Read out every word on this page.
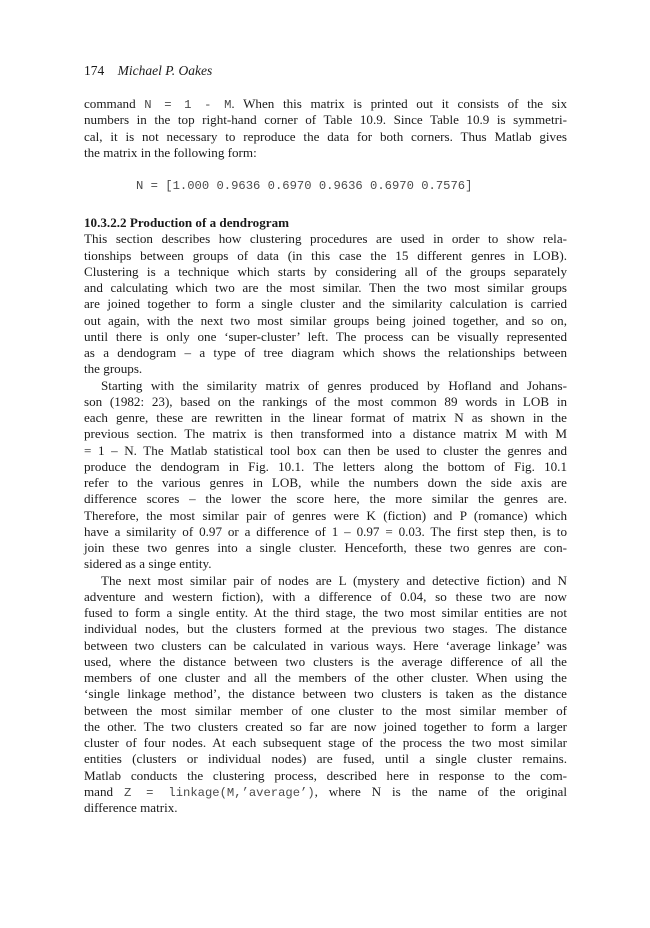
174 Michael P. Oakes
command N = 1 - M. When this matrix is printed out it consists of the six
numbers in the top right-hand corner of Table 10.9. Since Table 10.9 is symmetri-
cal, it is not necessary to reproduce the data for both corners. Thus Matlab gives
the matrix in the following form:
N = [1.000 0.9636 0.6970 0.9636 0.6970 0.7576]
10.3.2.2 Production of a dendrogram
This section describes how clustering procedures are used in order to show rela-
tionships between groups of data (in this case the 15 different genres in LOB).
Clustering is a technique which starts by considering all of the groups separately
and calculating which two are the most similar. Then the two most similar groups
are joined together to form a single cluster and the similarity calculation is carried
out again, with the next two most similar groups being joined together, and so on,
until there is only one ‘super-cluster’ left. The process can be visually represented
as a dendogram – a type of tree diagram which shows the relationships between
the groups.
Starting with the similarity matrix of genres produced by Hofland and Johans-
son (1982: 23), based on the rankings of the most common 89 words in LOB in
each genre, these are rewritten in the linear format of matrix N as shown in the
previous section. The matrix is then transformed into a distance matrix M with M
= 1 – N. The Matlab statistical tool box can then be used to cluster the genres and
produce the dendogram in Fig. 10.1. The letters along the bottom of Fig. 10.1
refer to the various genres in LOB, while the numbers down the side axis are
difference scores – the lower the score here, the more similar the genres are.
Therefore, the most similar pair of genres were K (fiction) and P (romance) which
have a similarity of 0.97 or a difference of 1 – 0.97 = 0.03. The first step then, is to
join these two genres into a single cluster. Henceforth, these two genres are con-
sidered as a singe entity.
The next most similar pair of nodes are L (mystery and detective fiction) and N
adventure and western fiction), with a difference of 0.04, so these two are now
fused to form a single entity. At the third stage, the two most similar entities are not
individual nodes, but the clusters formed at the previous two stages. The distance
between two clusters can be calculated in various ways. Here ‘average linkage’ was
used, where the distance between two clusters is the average difference of all the
members of one cluster and all the members of the other cluster. When using the
‘single linkage method’, the distance between two clusters is taken as the distance
between the most similar member of one cluster to the most similar member of
the other. The two clusters created so far are now joined together to form a larger
cluster of four nodes. At each subsequent stage of the process the two most similar
entities (clusters or individual nodes) are fused, until a single cluster remains.
Matlab conducts the clustering process, described here in response to the com-
mand Z = linkage(M,’average’), where N is the name of the original
difference matrix.
